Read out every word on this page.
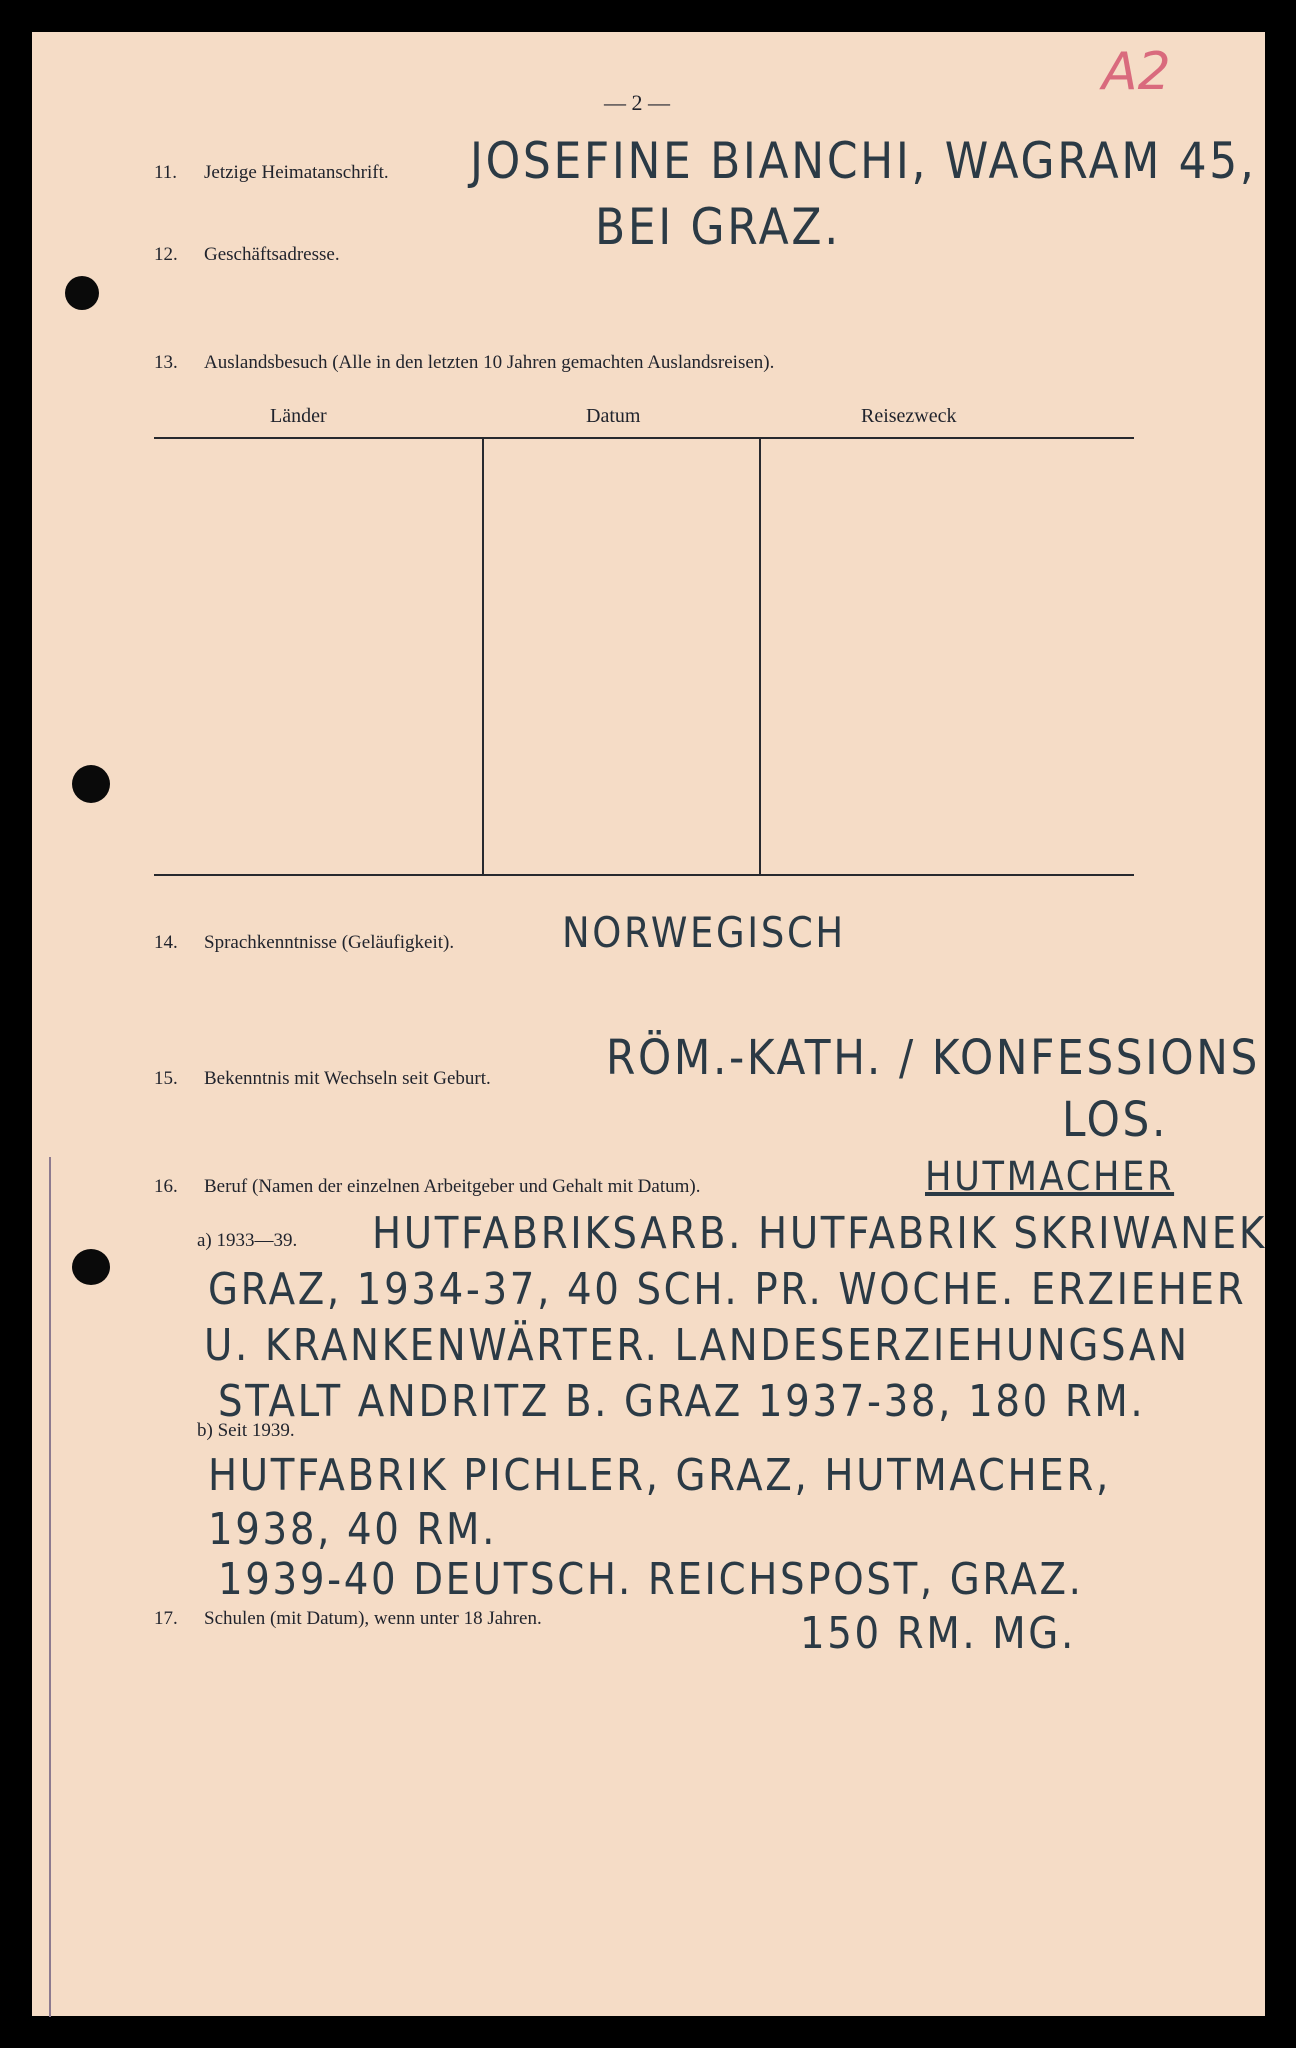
A2
— 2 —
11. Jetzige Heimatanschrift. JOSEFINE BIANCHI, WAGRAM 45,
BEI GRAZ.
12. Geschäftsadresse.
13. Auslandsbesuch (Alle in den letzten 10 Jahren gemachten Auslandsreisen).
Länder	Datum	Reisezweck
14. Sprachkenntnisse (Geläufigkeit).	NORWEGISCH
15. Bekenntnis mit Wechseln seit Geburt. RÖM.-KATH. / KONFESSIONS
LOS.
16. Beruf (Namen der einzelnen Arbeitgeber und Gehalt mit Datum).	HUTMACHER
a) 1933—39. HUTFABRIKSARB. HUTFABRIK SKRIWANEK
GRAZ, 1934-37, 40 SCH. PR. WOCHE. ERZIEHER
U. KRANKENWÄRTER. LANDESERZIEHUNGSAN
STALT ANDRITZ B. GRAZ 1937-38, 180 RM.
b) Seit 1939.
HUTFABRIK PICHLER, GRAZ, HUTMACHER,
1938, 40 RM.
1939-40 DEUTSCH. REICHSPOST, GRAZ.
150 RM. MG.
17. Schulen (mit Datum), wenn unter 18 Jahren.
